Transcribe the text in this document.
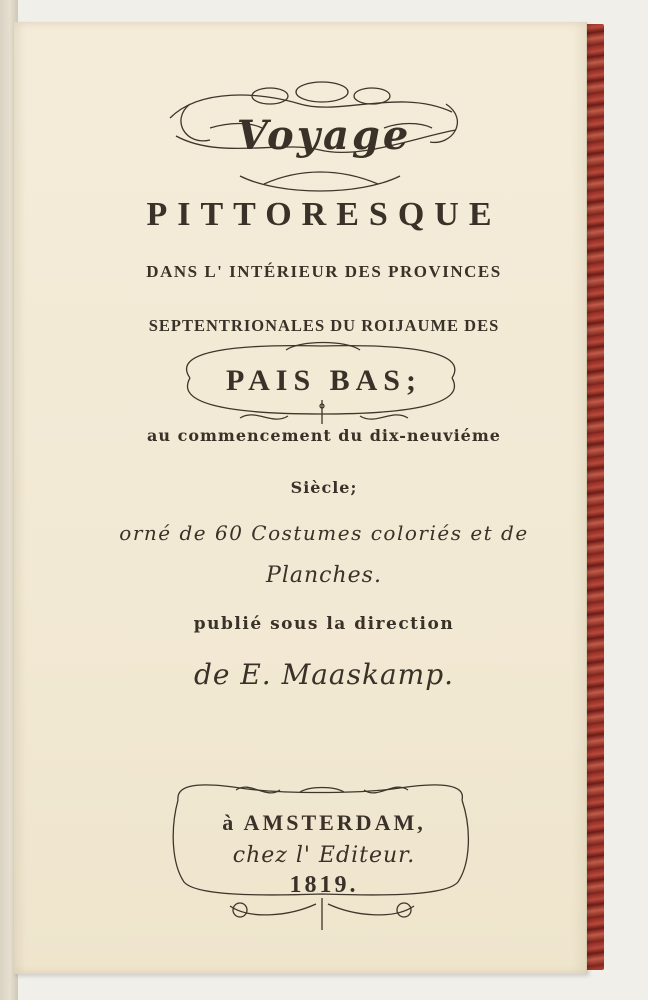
Voyage
PITTORESQUE
DANS L' INTÉRIEUR DES PROVINCES
SEPTENTRIONALES DU ROIJAUME DES
PAIS BAS;
au commencement du dix-neuviéme
Siècle;
orné de 60 Costumes coloriés et de
Planches.
publié sous la direction
de E. Maaskamp.
à AMSTERDAM,
chez l' Editeur.
1819.
